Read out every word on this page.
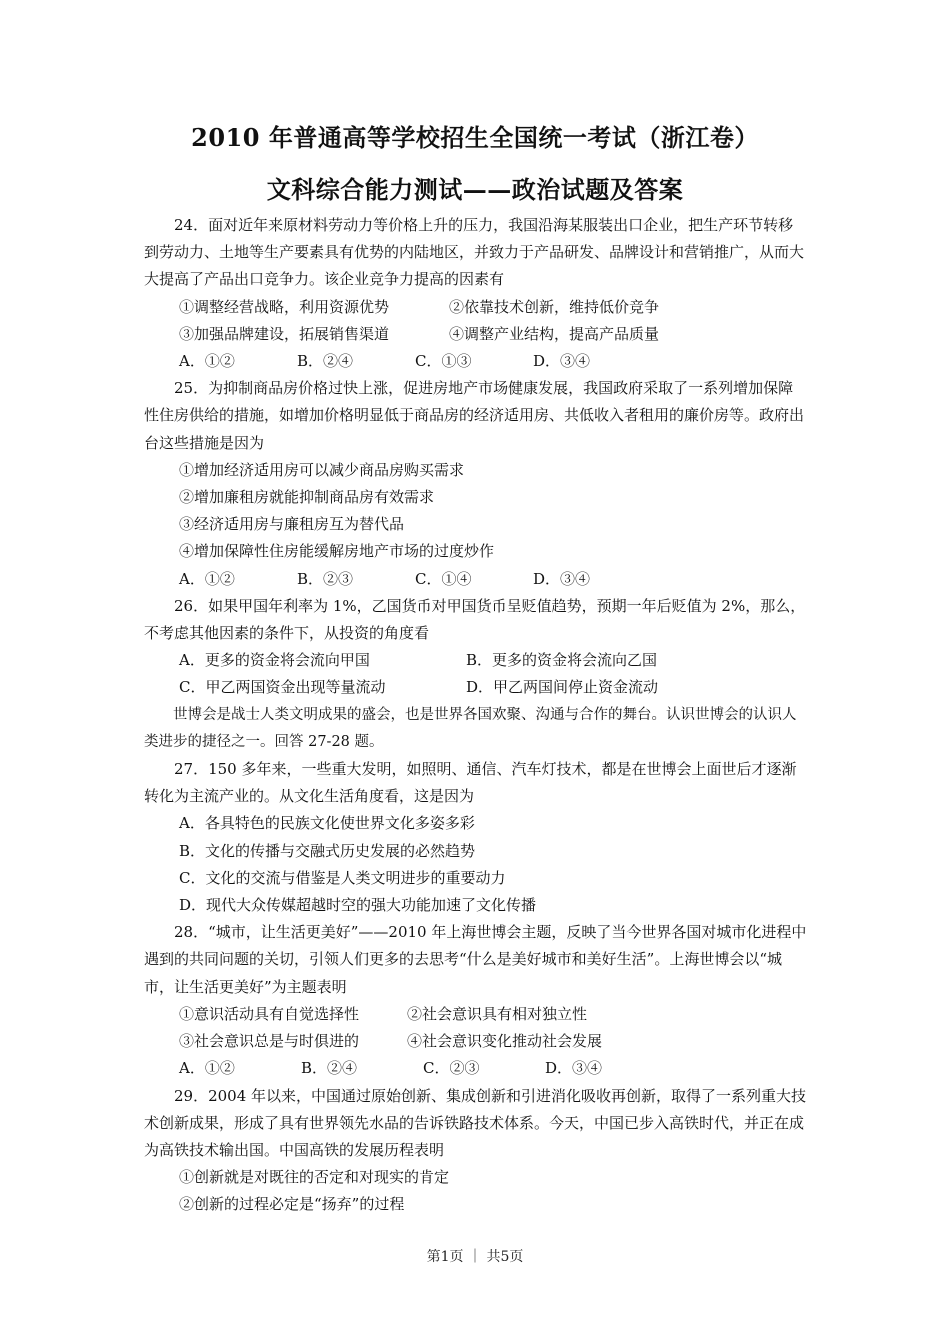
2010 年普通高等学校招生全国统一考试（浙江卷）
文科综合能力测试——政治试题及答案

24．面对近年来原材料劳动力等价格上升的压力，我国沿海某服装出口企业，把生产环节转移到劳动力、土地等生产要素具有优势的内陆地区，并致力于产品研发、品牌设计和营销推广，从而大大提高了产品出口竞争力。该企业竞争力提高的因素有

①调整经营战略，利用资源优势	②依靠技术创新，维持低价竞争
③加强品牌建设，拓展销售渠道	④调整产业结构，提高产品质量
A．①②	B．②④	C．①③	D．③④

25．为抑制商品房价格过快上涨，促进房地产市场健康发展，我国政府采取了一系列增加保障性住房供给的措施，如增加价格明显低于商品房的经济适用房、共低收入者租用的廉价房等。政府出台这些措施是因为

①增加经济适用房可以减少商品房购买需求
②增加廉租房就能抑制商品房有效需求
③经济适用房与廉租房互为替代品
④增加保障性住房能缓解房地产市场的过度炒作
A．①②	B．②③	C．①④	D．③④

26．如果甲国年利率为 1%，乙国货币对甲国货币呈贬值趋势，预期一年后贬值为 2%，那么，不考虑其他因素的条件下，从投资的角度看

A．更多的资金将会流向甲国	B．更多的资金将会流向乙国
C．甲乙两国资金出现等量流动	D．甲乙两国间停止资金流动

世博会是战士人类文明成果的盛会，也是世界各国欢聚、沟通与合作的舞台。认识世博会的认识人类进步的捷径之一。回答 27-28 题。

27．150 多年来，一些重大发明，如照明、通信、汽车灯技术，都是在世博会上面世后才逐渐转化为主流产业的。从文化生活角度看，这是因为

A．各具特色的民族文化使世界文化多姿多彩
B．文化的传播与交融式历史发展的必然趋势
C．文化的交流与借鉴是人类文明进步的重要动力
D．现代大众传媒超越时空的强大功能加速了文化传播

28．“城市，让生活更美好”——2010 年上海世博会主题，反映了当今世界各国对城市化进程中遇到的共同问题的关切，引领人们更多的去思考“什么是美好城市和美好生活”。上海世博会以“城市，让生活更美好”为主题表明

①意识活动具有自觉选择性	②社会意识具有相对独立性
③社会意识总是与时俱进的	④社会意识变化推动社会发展
A．①②	B．②④	C．②③	D．③④

29．2004 年以来，中国通过原始创新、集成创新和引进消化吸收再创新，取得了一系列重大技术创新成果，形成了具有世界领先水品的告诉铁路技术体系。今天，中国已步入高铁时代，并正在成为高铁技术输出国。中国高铁的发展历程表明

①创新就是对既往的否定和对现实的肯定
②创新的过程必定是“扬弃”的过程
第1页 ｜ 共5页
